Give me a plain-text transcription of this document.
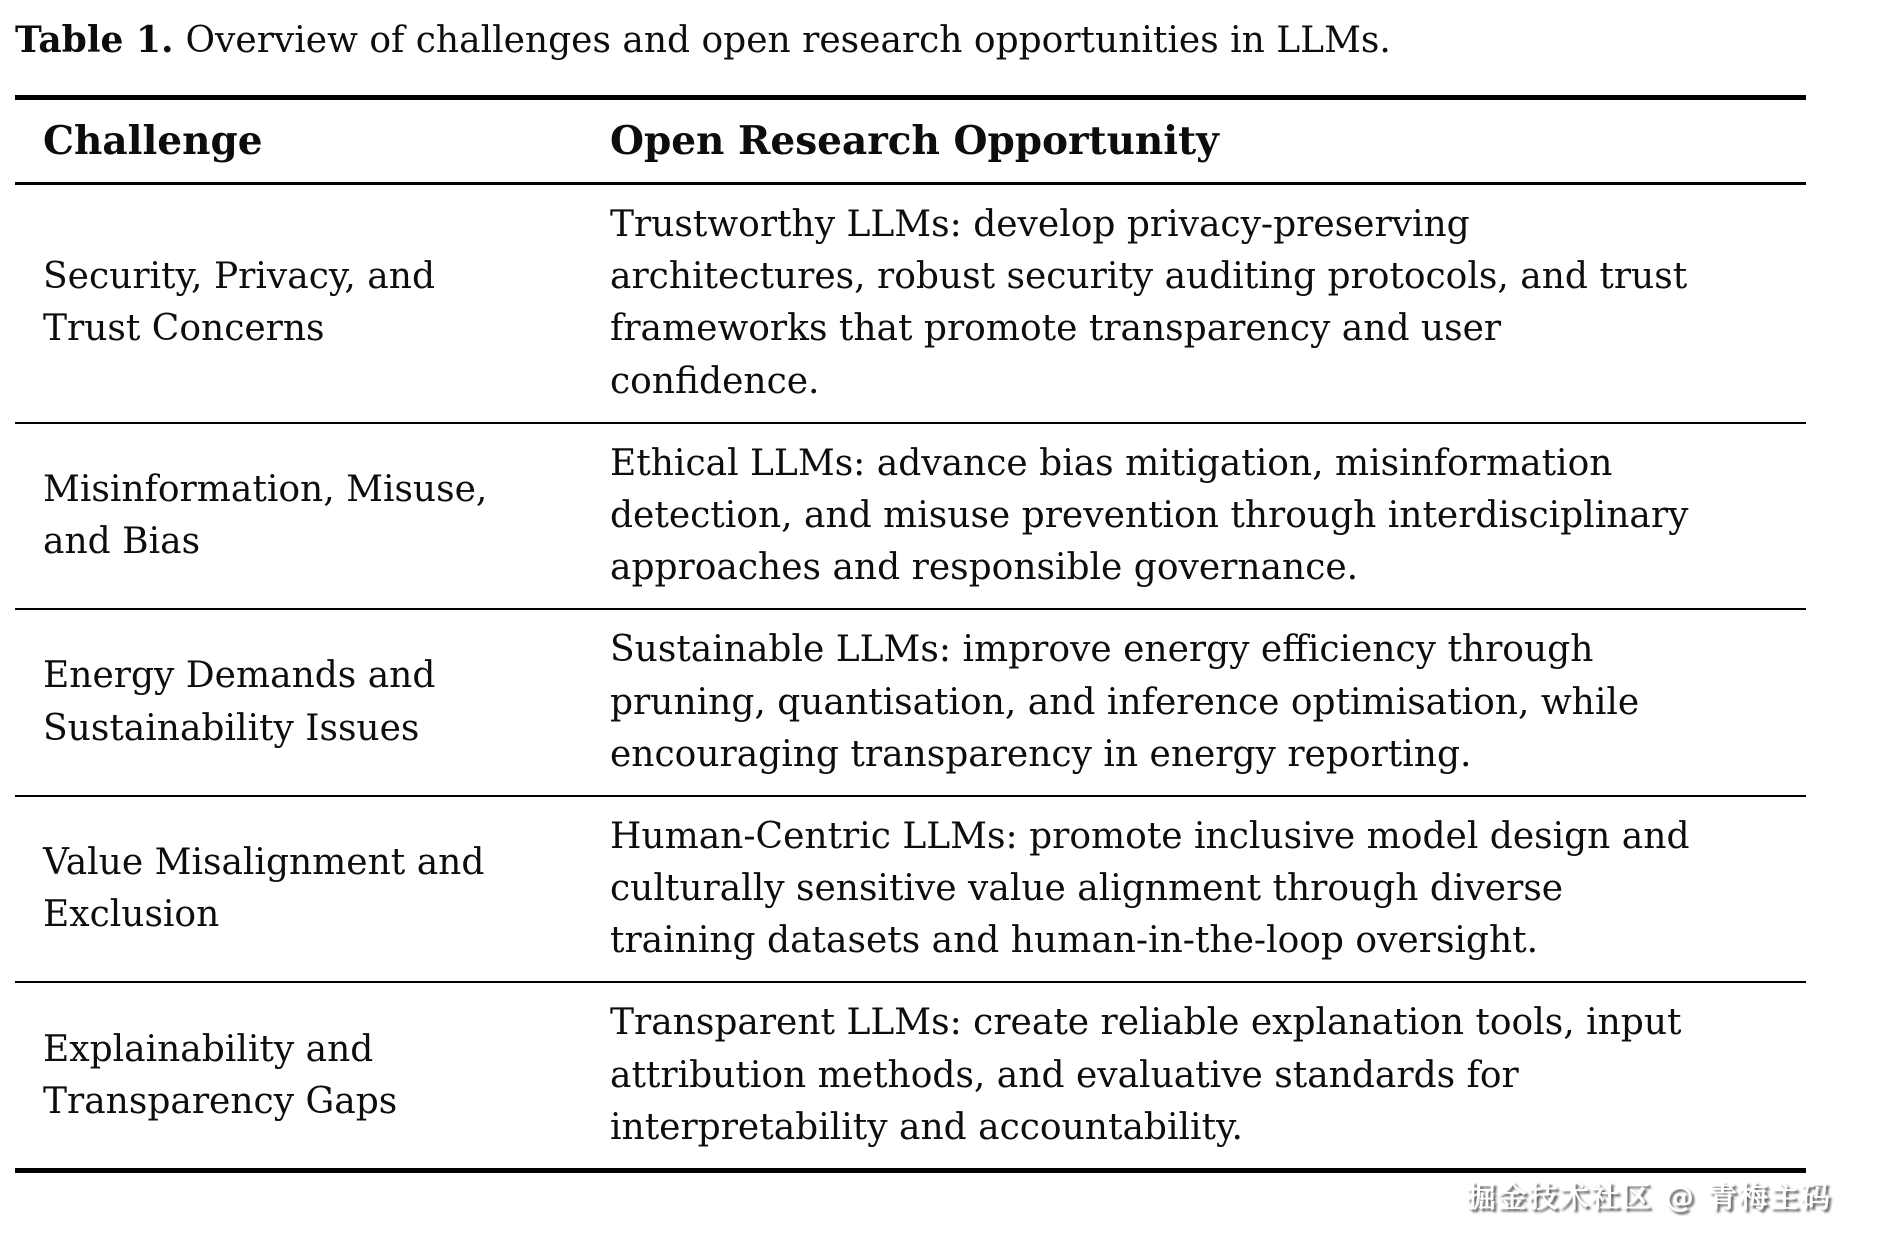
Table 1. Overview of challenges and open research opportunities in LLMs.

Challenge	Open Research Opportunity
Security, Privacy, and Trust Concerns	Trustworthy LLMs: develop privacy-preserving architectures, robust security auditing protocols, and trust frameworks that promote transparency and user confidence.
Misinformation, Misuse, and Bias	Ethical LLMs: advance bias mitigation, misinformation detection, and misuse prevention through interdisciplinary approaches and responsible governance.
Energy Demands and Sustainability Issues	Sustainable LLMs: improve energy efficiency through pruning, quantisation, and inference optimisation, while encouraging transparency in energy reporting.
Value Misalignment and Exclusion	Human-Centric LLMs: promote inclusive model design and culturally sensitive value alignment through diverse training datasets and human-in-the-loop oversight.
Explainability and Transparency Gaps	Transparent LLMs: create reliable explanation tools, input attribution methods, and evaluative standards for interpretability and accountability.
掘金技术社区 @ 青梅主码
